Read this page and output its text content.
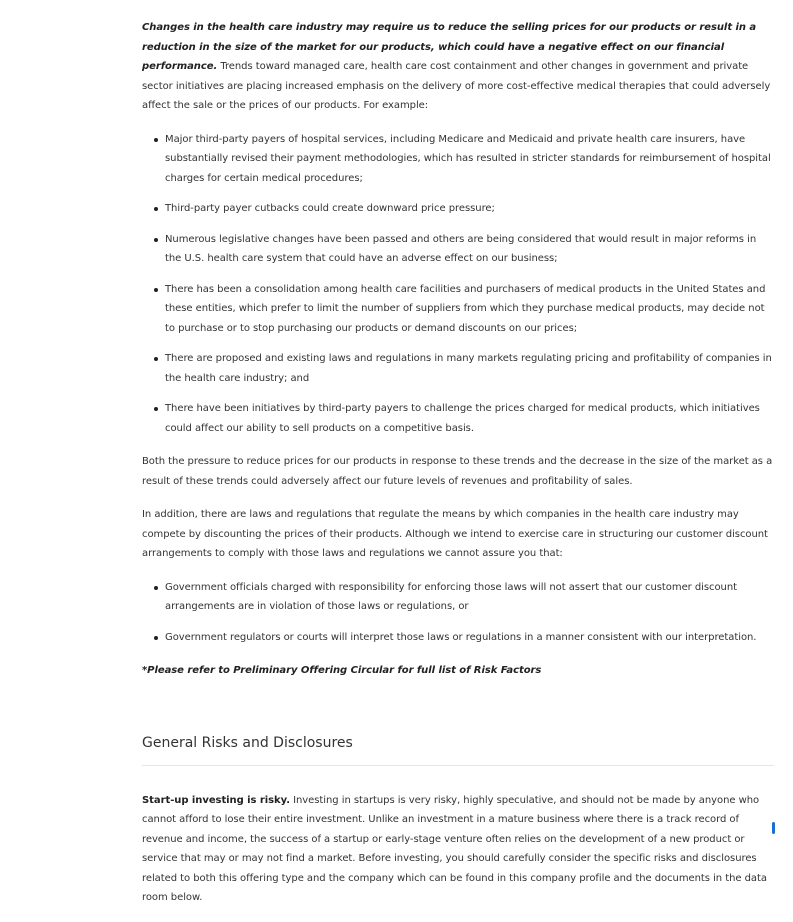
Changes in the health care industry may require us to reduce the selling prices for our products or result in a reduction in the size of the market for our products, which could have a negative effect on our financial performance. Trends toward managed care, health care cost containment and other changes in government and private sector initiatives are placing increased emphasis on the delivery of more cost-effective medical therapies that could adversely affect the sale or the prices of our products. For example:

Major third-party payers of hospital services, including Medicare and Medicaid and private health care insurers, have substantially revised their payment methodologies, which has resulted in stricter standards for reimbursement of hospital charges for certain medical procedures;
Third-party payer cutbacks could create downward price pressure;
Numerous legislative changes have been passed and others are being considered that would result in major reforms in the U.S. health care system that could have an adverse effect on our business;
There has been a consolidation among health care facilities and purchasers of medical products in the United States and these entities, which prefer to limit the number of suppliers from which they purchase medical products, may decide not to purchase or to stop purchasing our products or demand discounts on our prices;
There are proposed and existing laws and regulations in many markets regulating pricing and profitability of companies in the health care industry; and
There have been initiatives by third-party payers to challenge the prices charged for medical products, which initiatives could affect our ability to sell products on a competitive basis.

Both the pressure to reduce prices for our products in response to these trends and the decrease in the size of the market as a result of these trends could adversely affect our future levels of revenues and profitability of sales.

In addition, there are laws and regulations that regulate the means by which companies in the health care industry may compete by discounting the prices of their products. Although we intend to exercise care in structuring our customer discount arrangements to comply with those laws and regulations we cannot assure you that:

Government officials charged with responsibility for enforcing those laws will not assert that our customer discount arrangements are in violation of those laws or regulations, or
Government regulators or courts will interpret those laws or regulations in a manner consistent with our interpretation.

*Please refer to Preliminary Offering Circular for full list of Risk Factors

General Risks and Disclosures

Start-up investing is risky. Investing in startups is very risky, highly speculative, and should not be made by anyone who cannot afford to lose their entire investment. Unlike an investment in a mature business where there is a track record of revenue and income, the success of a startup or early-stage venture often relies on the development of a new product or service that may or may not find a market. Before investing, you should carefully consider the specific risks and disclosures related to both this offering type and the company which can be found in this company profile and the documents in the data room below.
